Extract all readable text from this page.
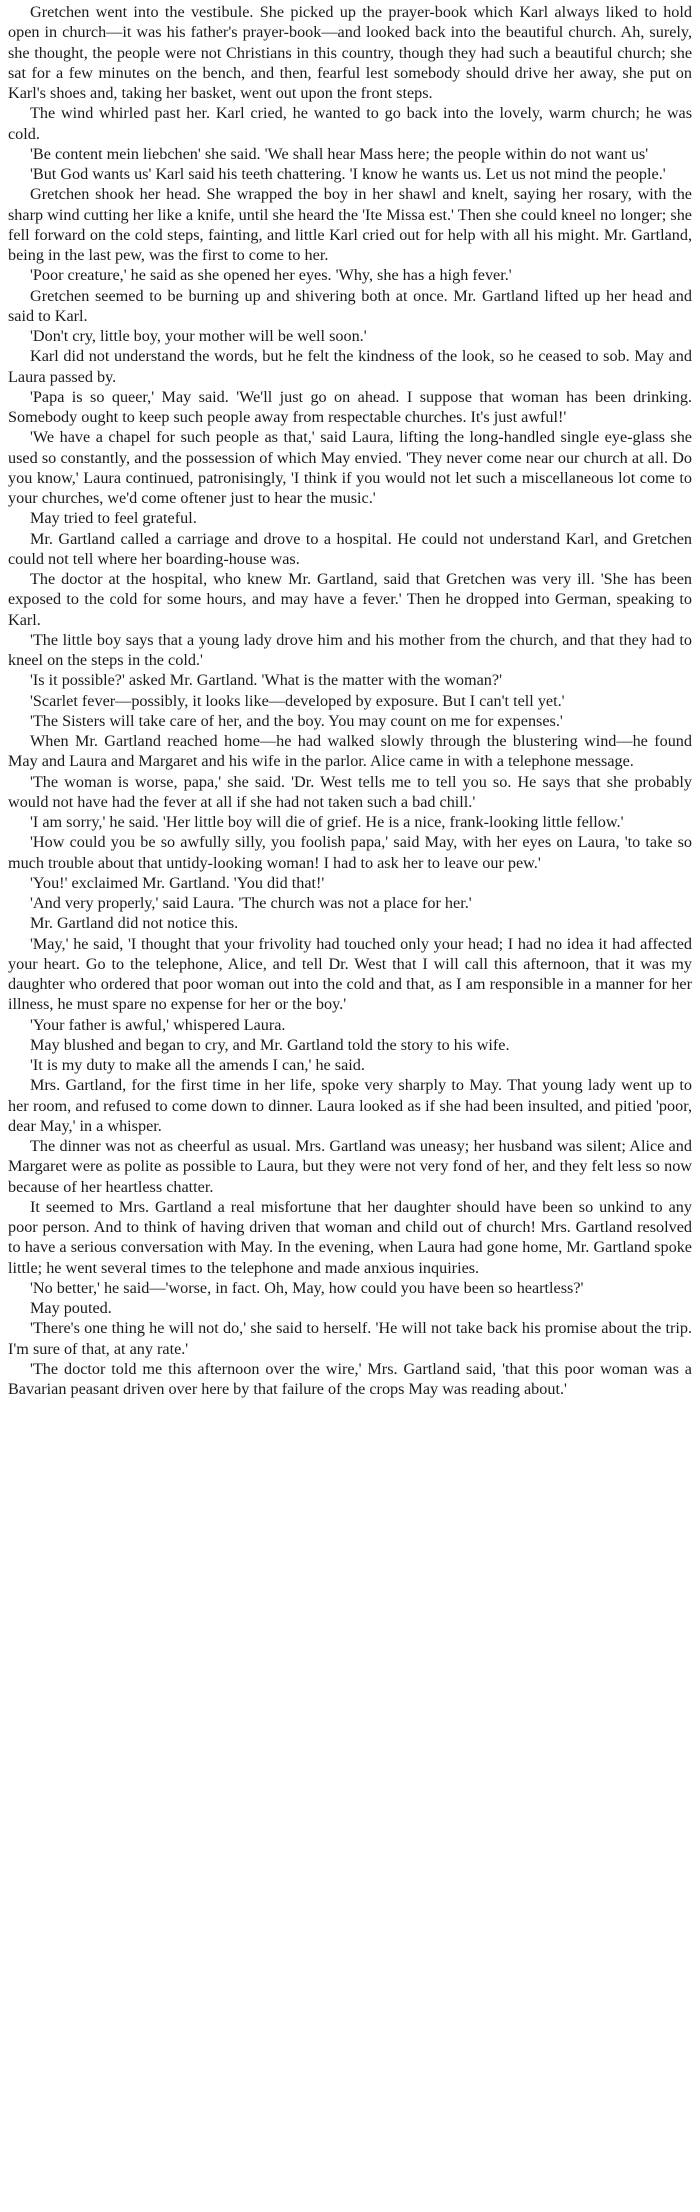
Gretchen went into the vestibule. She picked up the prayer-book which Karl always liked to hold open in church—it was his father's prayer-book—and looked back into the beautiful church. Ah, surely, she thought, the people were not Christians in this country, though they had such a beautiful church; she sat for a few minutes on the bench, and then, fearful lest somebody should drive her away, she put on Karl's shoes and, taking her basket, went out upon the front steps.

The wind whirled past her. Karl cried, he wanted to go back into the lovely, warm church; he was cold.

'Be content mein liebchen' she said. 'We shall hear Mass here; the people within do not want us'

'But God wants us' Karl said his teeth chattering. 'I know he wants us. Let us not mind the people.'

Gretchen shook her head. She wrapped the boy in her shawl and knelt, saying her rosary, with the sharp wind cutting her like a knife, until she heard the 'Ite Missa est.' Then she could kneel no longer; she fell forward on the cold steps, fainting, and little Karl cried out for help with all his might. Mr. Gartland, being in the last pew, was the first to come to her.

'Poor creature,' he said as she opened her eyes. 'Why, she has a high fever.'

Gretchen seemed to be burning up and shivering both at once. Mr. Gartland lifted up her head and said to Karl.

'Don't cry, little boy, your mother will be well soon.'

Karl did not understand the words, but he felt the kindness of the look, so he ceased to sob. May and Laura passed by.

'Papa is so queer,' May said. 'We'll just go on ahead. I suppose that woman has been drinking. Somebody ought to keep such people away from respectable churches. It's just awful!'

'We have a chapel for such people as that,' said Laura, lifting the long-handled single eye-glass she used so constantly, and the possession of which May envied. 'They never come near our church at all. Do you know,' Laura continued, patronisingly, 'I think if you would not let such a miscellaneous lot come to your churches, we'd come oftener just to hear the music.'

May tried to feel grateful.

Mr. Gartland called a carriage and drove to a hospital. He could not understand Karl, and Gretchen could not tell where her boarding-house was.

The doctor at the hospital, who knew Mr. Gartland, said that Gretchen was very ill. 'She has been exposed to the cold for some hours, and may have a fever.' Then he dropped into German, speaking to Karl.

'The little boy says that a young lady drove him and his mother from the church, and that they had to kneel on the steps in the cold.'

'Is it possible?' asked Mr. Gartland. 'What is the matter with the woman?'

'Scarlet fever—possibly, it looks like—developed by exposure. But I can't tell yet.'

'The Sisters will take care of her, and the boy. You may count on me for expenses.'

When Mr. Gartland reached home—he had walked slowly through the blustering wind—he found May and Laura and Margaret and his wife in the parlor. Alice came in with a telephone message.

'The woman is worse, papa,' she said. 'Dr. West tells me to tell you so. He says that she probably would not have had the fever at all if she had not taken such a bad chill.'

'I am sorry,' he said. 'Her little boy will die of grief. He is a nice, frank-looking little fellow.'

'How could you be so awfully silly, you foolish papa,' said May, with her eyes on Laura, 'to take so much trouble about that untidy-looking woman! I had to ask her to leave our pew.'

'You!' exclaimed Mr. Gartland. 'You did that!'

'And very properly,' said Laura. 'The church was not a place for her.'

Mr. Gartland did not notice this.

'May,' he said, 'I thought that your frivolity had touched only your head; I had no idea it had affected your heart. Go to the telephone, Alice, and tell Dr. West that I will call this afternoon, that it was my daughter who ordered that poor woman out into the cold and that, as I am responsible in a manner for her illness, he must spare no expense for her or the boy.'

'Your father is awful,' whispered Laura.

May blushed and began to cry, and Mr. Gartland told the story to his wife.

'It is my duty to make all the amends I can,' he said.

Mrs. Gartland, for the first time in her life, spoke very sharply to May. That young lady went up to her room, and refused to come down to dinner. Laura looked as if she had been insulted, and pitied 'poor, dear May,' in a whisper.

The dinner was not as cheerful as usual. Mrs. Gartland was uneasy; her husband was silent; Alice and Margaret were as polite as possible to Laura, but they were not very fond of her, and they felt less so now because of her heartless chatter.

It seemed to Mrs. Gartland a real misfortune that her daughter should have been so unkind to any poor person. And to think of having driven that woman and child out of church! Mrs. Gartland resolved to have a serious conversation with May. In the evening, when Laura had gone home, Mr. Gartland spoke little; he went several times to the telephone and made anxious inquiries.

'No better,' he said—'worse, in fact. Oh, May, how could you have been so heartless?'

May pouted.

'There's one thing he will not do,' she said to herself. 'He will not take back his promise about the trip. I'm sure of that, at any rate.'

'The doctor told me this afternoon over the wire,' Mrs. Gartland said, 'that this poor woman was a Bavarian peasant driven over here by that failure of the crops May was reading about.'
